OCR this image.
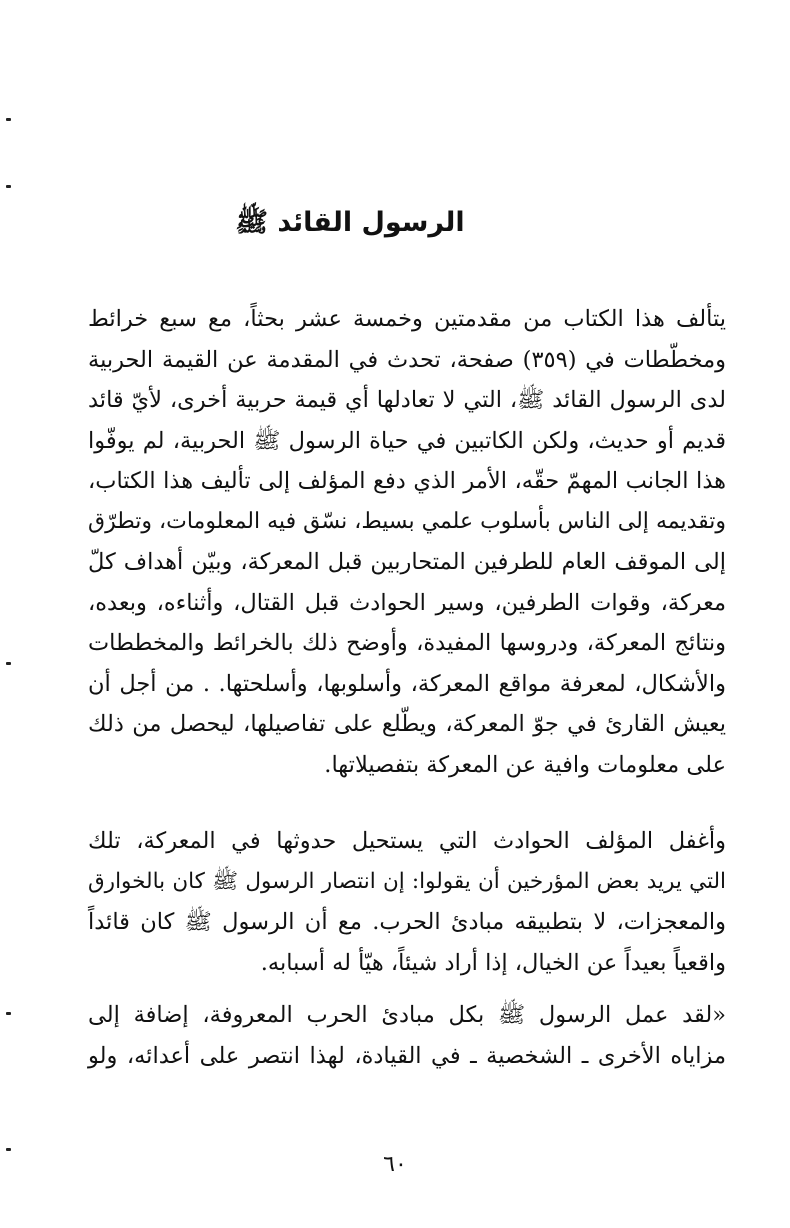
الرسول القائد ﷺ
يتألف هذا الكتاب من مقدمتين وخمسة عشر بحثاً، مع سبع خرائط
ومخطّطات في (٣٥٩) صفحة، تحدث في المقدمة عن القيمة الحربية
لدى الرسول القائد ﷺ، التي لا تعادلها أي قيمة حربية أخرى، لأيّ قائد
قديم أو حديث، ولكن الكاتبين في حياة الرسول ﷺ الحربية، لم يوفّوا
هذا الجانب المهمّ حقّه، الأمر الذي دفع المؤلف إلى تأليف هذا الكتاب،
وتقديمه إلى الناس بأسلوب علمي بسيط، نسّق فيه المعلومات، وتطرّق
إلى الموقف العام للطرفين المتحاربين قبل المعركة، وبيّن أهداف كلّ
معركة، وقوات الطرفين، وسير الحوادث قبل القتال، وأثناءه، وبعده،
ونتائج المعركة، ودروسها المفيدة، وأوضح ذلك بالخرائط والمخططات
والأشكال، لمعرفة مواقع المعركة، وأسلوبها، وأسلحتها. . من أجل أن
يعيش القارئ في جوّ المعركة، ويطّلع على تفاصيلها، ليحصل من ذلك
على معلومات وافية عن المعركة بتفصيلاتها.
وأغفل المؤلف الحوادث التي يستحيل حدوثها في المعركة، تلك
التي يريد بعض المؤرخين أن يقولوا: إن انتصار الرسول ﷺ كان بالخوارق
والمعجزات، لا بتطبيقه مبادئ الحرب. مع أن الرسول ﷺ كان قائداً
واقعياً بعيداً عن الخيال، إذا أراد شيئاً، هيّأ له أسبابه.
«لقد عمل الرسول ﷺ بكل مبادئ الحرب المعروفة، إضافة إلى
مزاياه الأخرى ـ الشخصية ـ في القيادة، لهذا انتصر على أعدائه، ولو
٦٠
